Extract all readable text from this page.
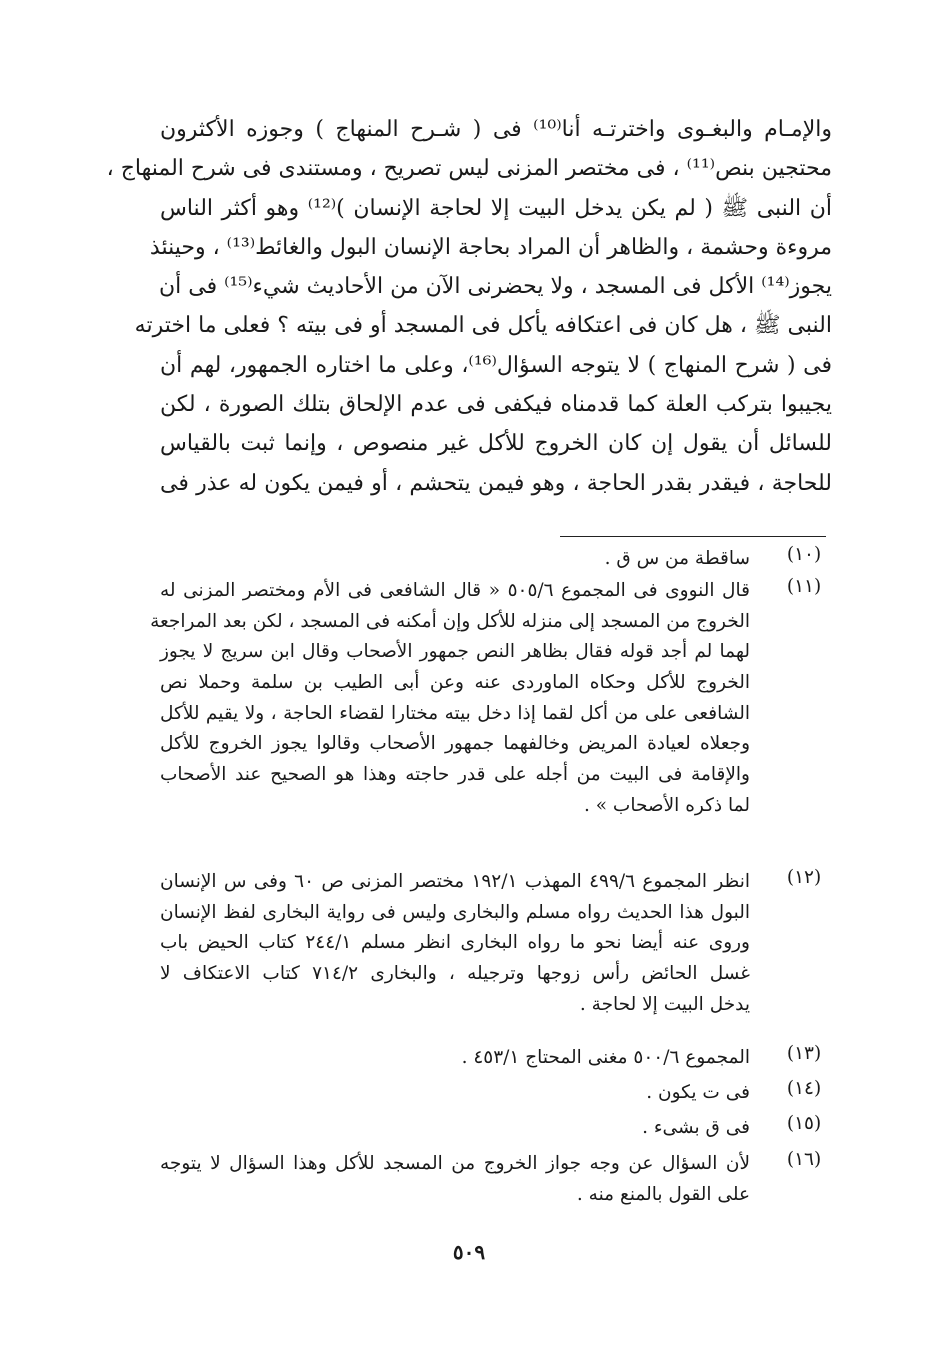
والإمـام والبغـوى واخترتـه أنا⁽¹⁰⁾ فى ( شـرح المنهاج ) وجوزه الأكثرون
محتجين بنص⁽¹¹⁾ ، فى مختصر المزنى ليس تصريح ، ومستندى فى شرح المنهاج ،
أن النبى ﷺ ( لم يكن يدخل البيت إلا لحاجة الإنسان )⁽¹²⁾ وهو أكثر الناس
مروءة وحشمة ، والظاهر أن المراد بحاجة الإنسان البول والغائط⁽¹³⁾ ، وحينئذ
يجوز⁽¹⁴⁾ الأكل فى المسجد ، ولا يحضرنى الآن من الأحاديث شيء⁽¹⁵⁾ فى أن
النبى ﷺ ، هل كان فى اعتكافه يأكل فى المسجد أو فى بيته ؟ فعلى ما اخترته
فى ( شرح المنهاج ) لا يتوجه السؤال⁽¹⁶⁾، وعلى ما اختاره الجمهور، لهم أن
يجيبوا بتركب العلة كما قدمناه فيكفى فى عدم الإلحاق بتلك الصورة ، لكن
للسائل أن يقول إن كان الخروج للأكل غير منصوص ، وإنما ثبت بالقياس
للحاجة ، فيقدر بقدر الحاجة ، وهو فيمن يتحشم ، أو فيمن يكون له عذر فى
(١٠)
ساقطة من س ق .
(١١)
قال النووى فى المجموع ٥٠٥/٦ « قال الشافعى فى الأم ومختصر المزنى له
الخروج من المسجد إلى منزله للأكل وإن أمكنه فى المسجد ، لكن بعد المراجعة
لهما لم أجد قوله فقال بظاهر النص جمهور الأصحاب وقال ابن سريج لا يجوز
الخروج للأكل وحكاه الماوردى عنه وعن أبى الطيب بن سلمة وحملا نص
الشافعى على من أكل لقما إذا دخل بيته مختارا لقضاء الحاجة ، ولا يقيم للأكل
وجعلاه لعيادة المريض وخالفهما جمهور الأصحاب وقالوا يجوز الخروج للأكل
والإقامة فى البيت من أجله على قدر حاجته وهذا هو الصحيح عند الأصحاب
لما ذكره الأصحاب » .
(١٢)
انظر المجموع ٤٩٩/٦ المهذب ١٩٢/١ مختصر المزنى ص ٦٠ وفى س الإنسان
البول هذا الحديث رواه مسلم والبخارى وليس فى رواية البخارى لفظ الإنسان
وروى عنه أيضا نحو ما رواه البخارى انظر مسلم ٢٤٤/١ كتاب الحيض باب
غسل الحائض رأس زوجها وترجيله ، والبخارى ٧١٤/٢ كتاب الاعتكاف لا
يدخل البيت إلا لحاجة .
(١٣)
المجموع ٥٠٠/٦ مغنى المحتاج ٤٥٣/١ .
(١٤)
فى ت يكون .
(١٥)
فى ق بشىء .
(١٦)
لأن السؤال عن وجه جواز الخروج من المسجد للأكل وهذا السؤال لا يتوجه
على القول بالمنع منه .
٥٠٩
